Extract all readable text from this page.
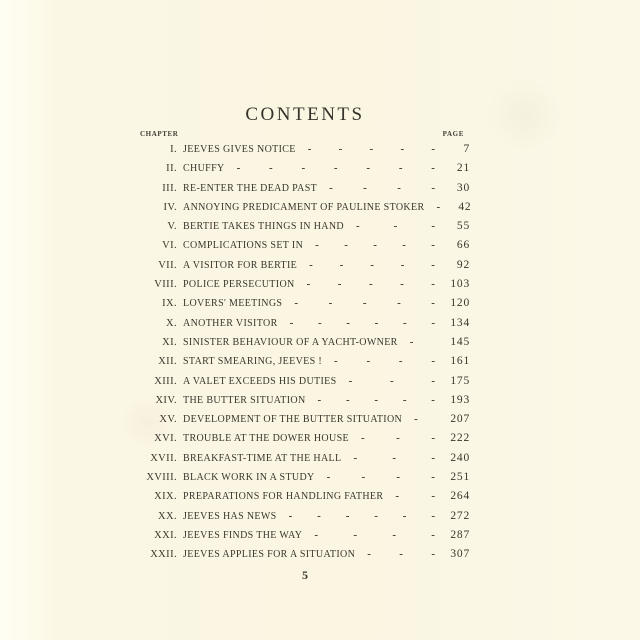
CONTENTS
CHAPTER	PAGE
I. JEEVES GIVES NOTICE - - - - -	7
II. CHUFFY -	-	-	-	-	-	-	21
III. RE-ENTER THE DEAD PAST -	-	-	-	30
IV. ANNOYING PREDICAMENT OF PAULINE STOKER -	42
V. BERTIE TAKES THINGS IN HAND -	-	-	55
VI. COMPLICATIONS SET IN - - - - -	66
VII. A VISITOR FOR BERTIE - - - - -	92
VIII. POLICE PERSECUTION -	-	-	-	-	103
IX. LOVERS' MEETINGS -	-	-	-	-	120
X. ANOTHER VISITOR - - - - - -	134
XI. SINISTER BEHAVIOUR OF A YACHT-OWNER -	145
XII. START SMEARING, JEEVES ! -	-	-	-	161
XIII. A VALET EXCEEDS HIS DUTIES -	-	-	175
XIV. THE BUTTER SITUATION - - - - -	193
XV. DEVELOPMENT OF THE BUTTER SITUATION -	207
XVI. TROUBLE AT THE DOWER HOUSE -	-	-	222
XVII. BREAKFAST-TIME AT THE HALL -	-	-	240
XVIII. BLACK WORK IN A STUDY -	-	-	-	251
XIX. PREPARATIONS FOR HANDLING FATHER -	-	264
XX. JEEVES HAS NEWS - - - - - -	272
XXI. JEEVES FINDS THE WAY -	-	-	-	287
XXII. JEEVES APPLIES FOR A SITUATION -	-	-	307
5
